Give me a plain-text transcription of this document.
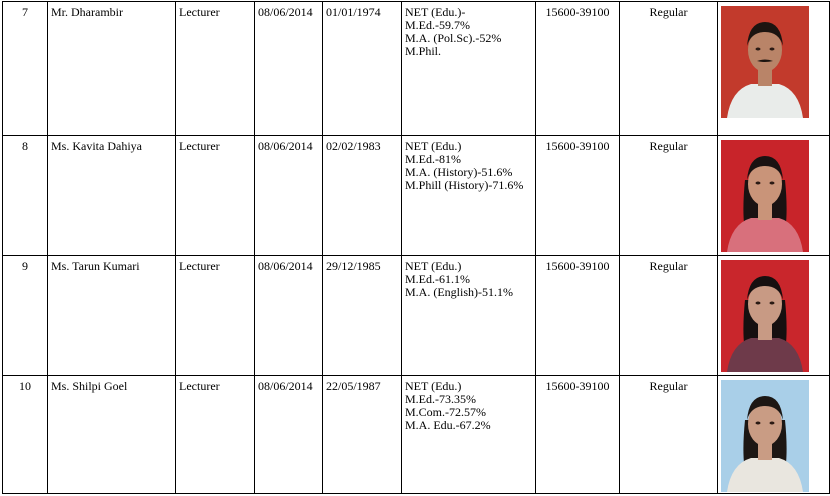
7	Mr. Dharambir	Lecturer	08/06/2014	01/01/1974	NET (Edu.)-
M.Ed.-59.7%
M.A. (Pol.Sc).-52%
M.Phil.	15600-39100	Regular	

8	Ms. Kavita Dahiya	Lecturer	08/06/2014	02/02/1983	NET (Edu.)
M.Ed.-81%
M.A. (History)-51.6%
M.Phill (History)-71.6%	15600-39100	Regular	

9	Ms. Tarun Kumari	Lecturer	08/06/2014	29/12/1985	NET (Edu.)
M.Ed.-61.1%
M.A. (English)-51.1%	15600-39100	Regular	

10	Ms. Shilpi Goel	Lecturer	08/06/2014	22/05/1987	NET (Edu.)
M.Ed.-73.35%
M.Com.-72.57%
M.A. Edu.-67.2%	15600-39100	Regular	
